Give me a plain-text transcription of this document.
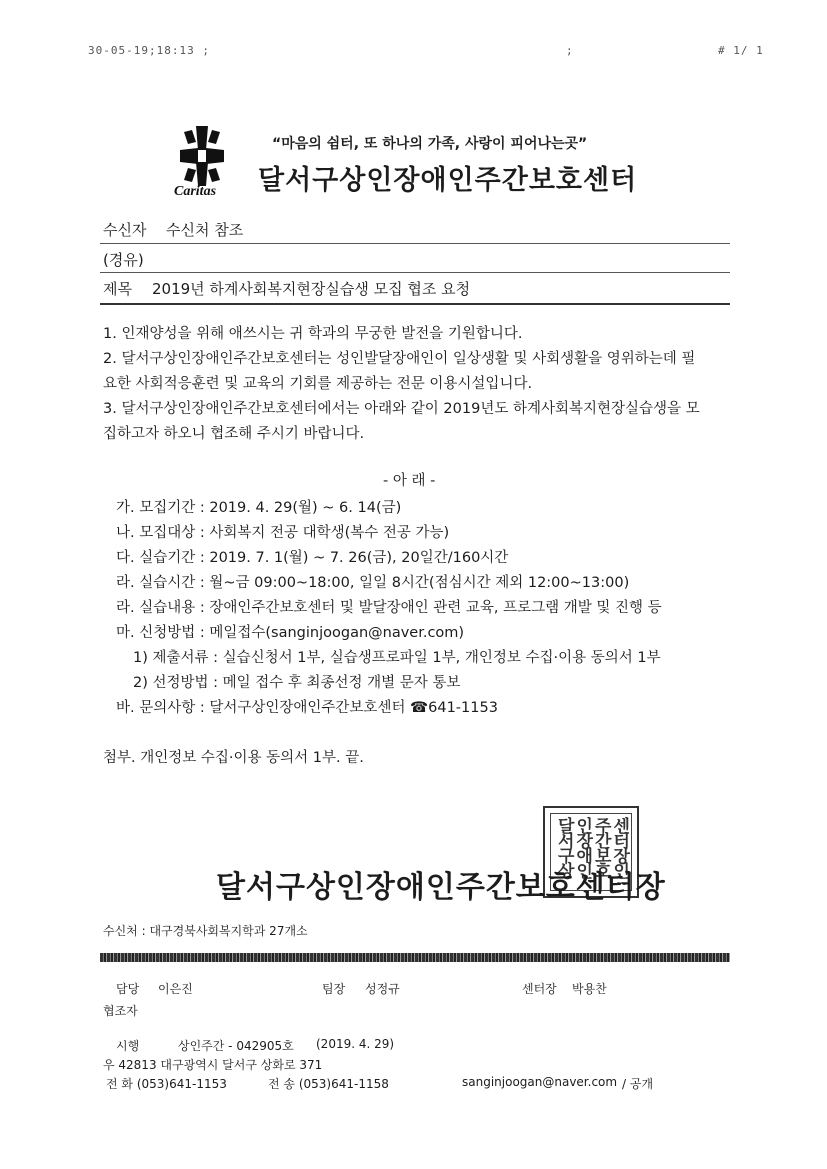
30-05-19;18:13 ;	;	# 1/ 1
Caritas
“마음의 쉼터, 또 하나의 가족, 사랑이 피어나는곳”
달서구상인장애인주간보호센터
수신자 수신처 참조
(경유)
제목 2019년 하계사회복지현장실습생 모집 협조 요청
1. 인재양성을 위해 애쓰시는 귀 학과의 무궁한 발전을 기원합니다.
2. 달서구상인장애인주간보호센터는 성인발달장애인이 일상생활 및 사회생활을 영위하는데 필
요한 사회적응훈련 및 교육의 기회를 제공하는 전문 이용시설입니다.
3. 달서구상인장애인주간보호센터에서는 아래와 같이 2019년도 하계사회복지현장실습생을 모
집하고자 하오니 협조해 주시기 바랍니다.
- 아 래 -
가. 모집기간 : 2019. 4. 29(월) ~ 6. 14(금)
나. 모집대상 : 사회복지 전공 대학생(복수 전공 가능)
다. 실습기간 : 2019. 7. 1(월) ~ 7. 26(금), 20일간/160시간
라. 실습시간 : 월~금 09:00~18:00, 일일 8시간(점심시간 제외 12:00~13:00)
라. 실습내용 : 장애인주간보호센터 및 발달장애인 관련 교육, 프로그램 개발 및 진행 등
마. 신청방법 : 메일접수(sanginjoogan@naver.com)
1) 제출서류 : 실습신청서 1부, 실습생프로파일 1부, 개인정보 수집·이용 동의서 1부
2) 선정방법 : 메일 접수 후 최종선정 개별 문자 통보
바. 문의사항 : 달서구상인장애인주간보호센터 ☎641-1153
첨부. 개인정보 수집·이용 동의서 1부. 끝.
달서구상
인장애인
주간보호
센터장인
달서구상인장애인주간보호센터장
수신처 : 대구경북사회복지학과 27개소
담당 이은진	팀장 성정규	센터장 박용찬
협조자
시행	상인주간 - 042905호 (2019. 4. 29)
우 42813 대구광역시 달서구 상화로 371
전 화 (053)641-1153	전 송 (053)641-1158	sanginjoogan@naver.com / 공개
